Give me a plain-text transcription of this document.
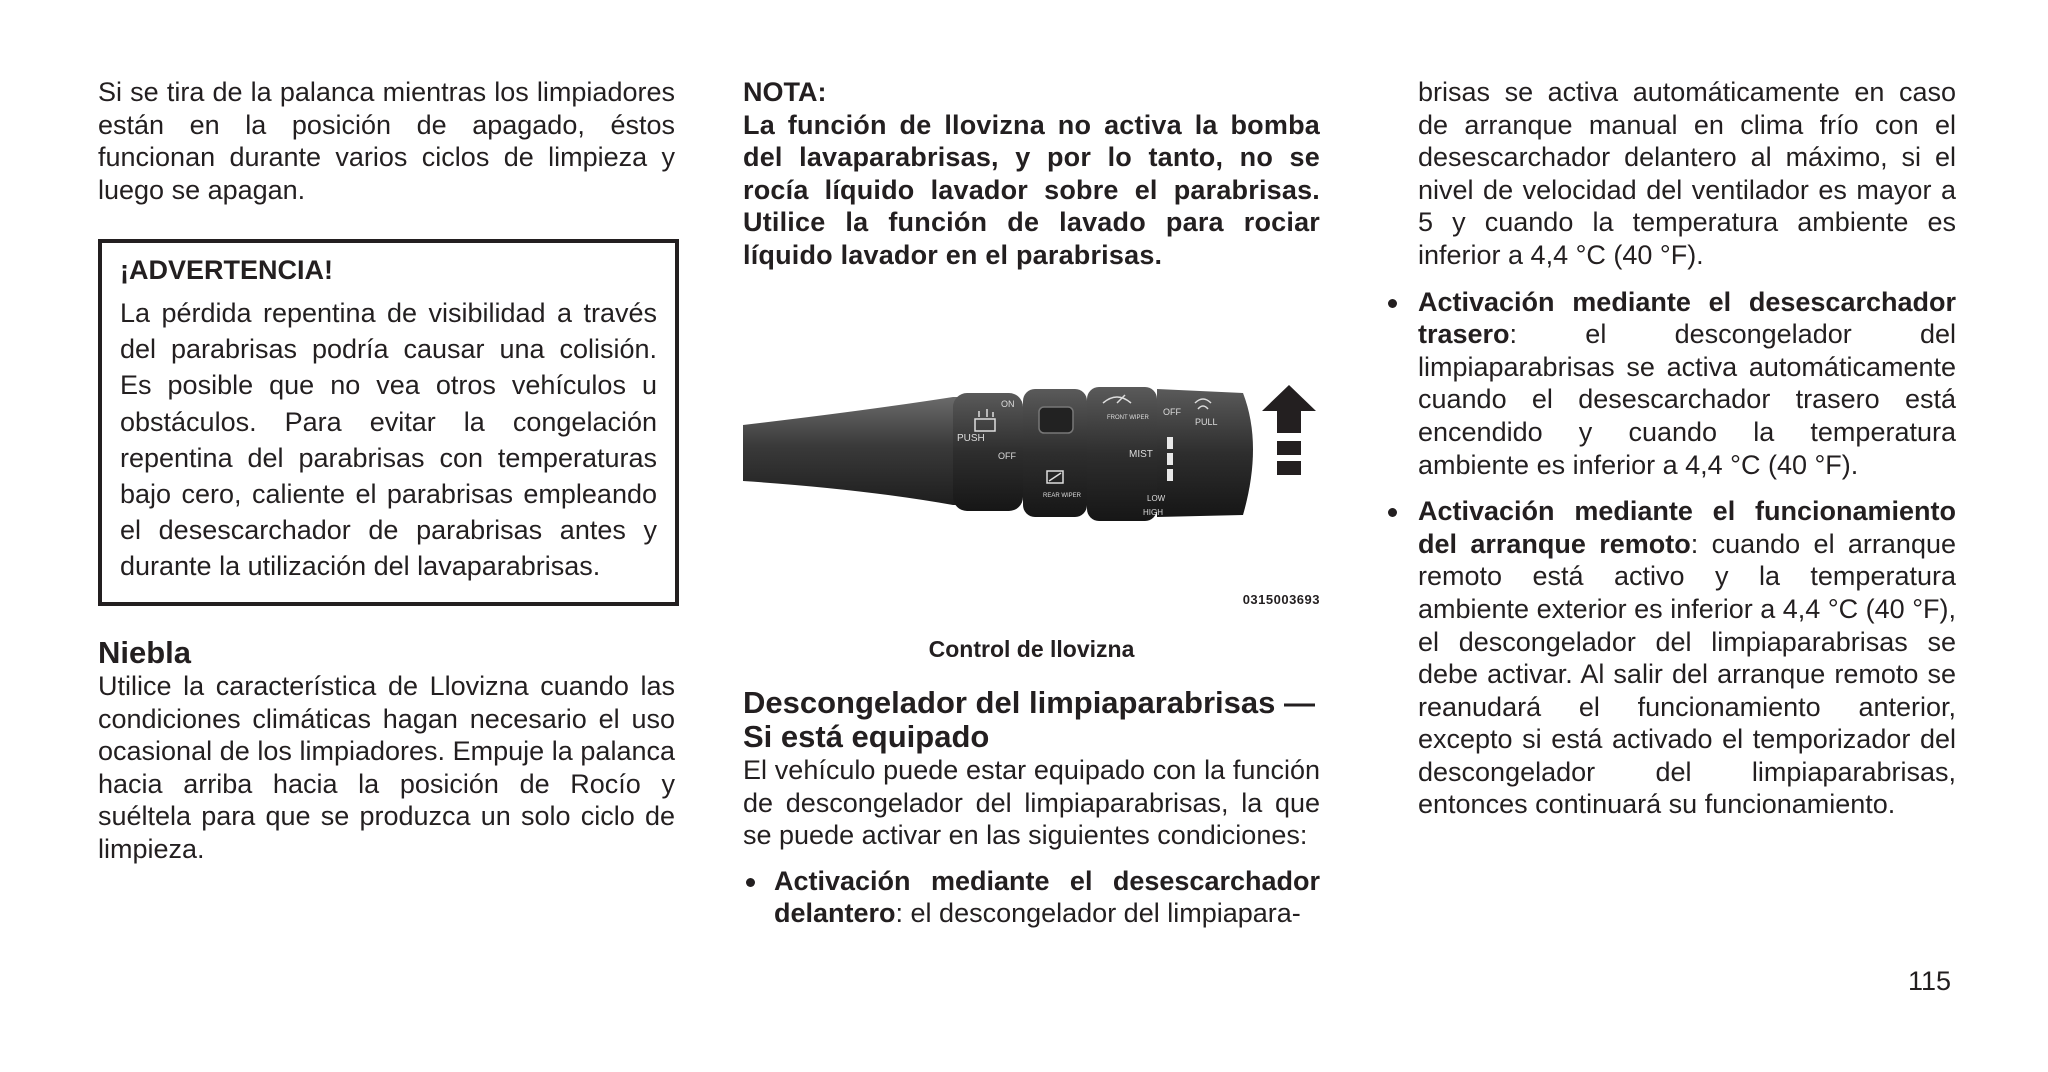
Si se tira de la palanca mientras los limpiadores están en la posición de apagado, éstos funcionan durante varios ciclos de limpieza y luego se apagan.

¡ADVERTENCIA!
La pérdida repentina de visibilidad a través del parabrisas podría causar una colisión. Es posible que no vea otros vehículos u obstáculos. Para evitar la congelación repentina del parabrisas con temperaturas bajo cero, caliente el parabrisas empleando el desescarchador de parabrisas antes y durante la utilización del lavaparabrisas.
Niebla

Utilice la característica de Llovizna cuando las condiciones climáticas hagan necesario el uso ocasional de los limpiadores. Empuje la palanca hacia arriba hacia la posición de Rocío y suéltela para que se produzca un solo ciclo de limpieza.

NOTA:
La función de llovizna no activa la bomba del lavaparabrisas, y por lo tanto, no se rocía líquido lavador sobre el parabrisas. Utilice la función de lavado para rociar líquido lavador en el parabrisas.
ON
PUSH
OFF
FRONT WIPER
OFF
PULL
REAR WIPER
MIST
LOW
HIGH
0315003693
Control de llovizna
Descongelador del limpiaparabrisas —
Si está equipado

El vehículo puede estar equipado con la función de descongelador del limpiaparabrisas, la que se puede activar en las siguientes condiciones:

Activación mediante el desescarchador delantero: el descongelador del limpiapara-

brisas se activa automáticamente en caso de arranque manual en clima frío con el desescarchador delantero al máximo, si el nivel de velocidad del ventilador es mayor a 5 y cuando la temperatura ambiente es inferior a 4,4 °C (40 °F).

Activación mediante el desescarchador trasero: el descongelador del limpiaparabrisas se activa automáticamente cuando el desescarchador trasero está encendido y cuando la temperatura ambiente es inferior a 4,4 °C (40 °F).
Activación mediante el funcionamiento del arranque remoto: cuando el arranque remoto está activo y la temperatura ambiente exterior es inferior a 4,4 °C (40 °F), el descongelador del limpiaparabrisas se debe activar. Al salir del arranque remoto se reanudará el funcionamiento anterior, excepto si está activado el temporizador del descongelador del limpiaparabrisas, entonces continuará su funcionamiento.
115
